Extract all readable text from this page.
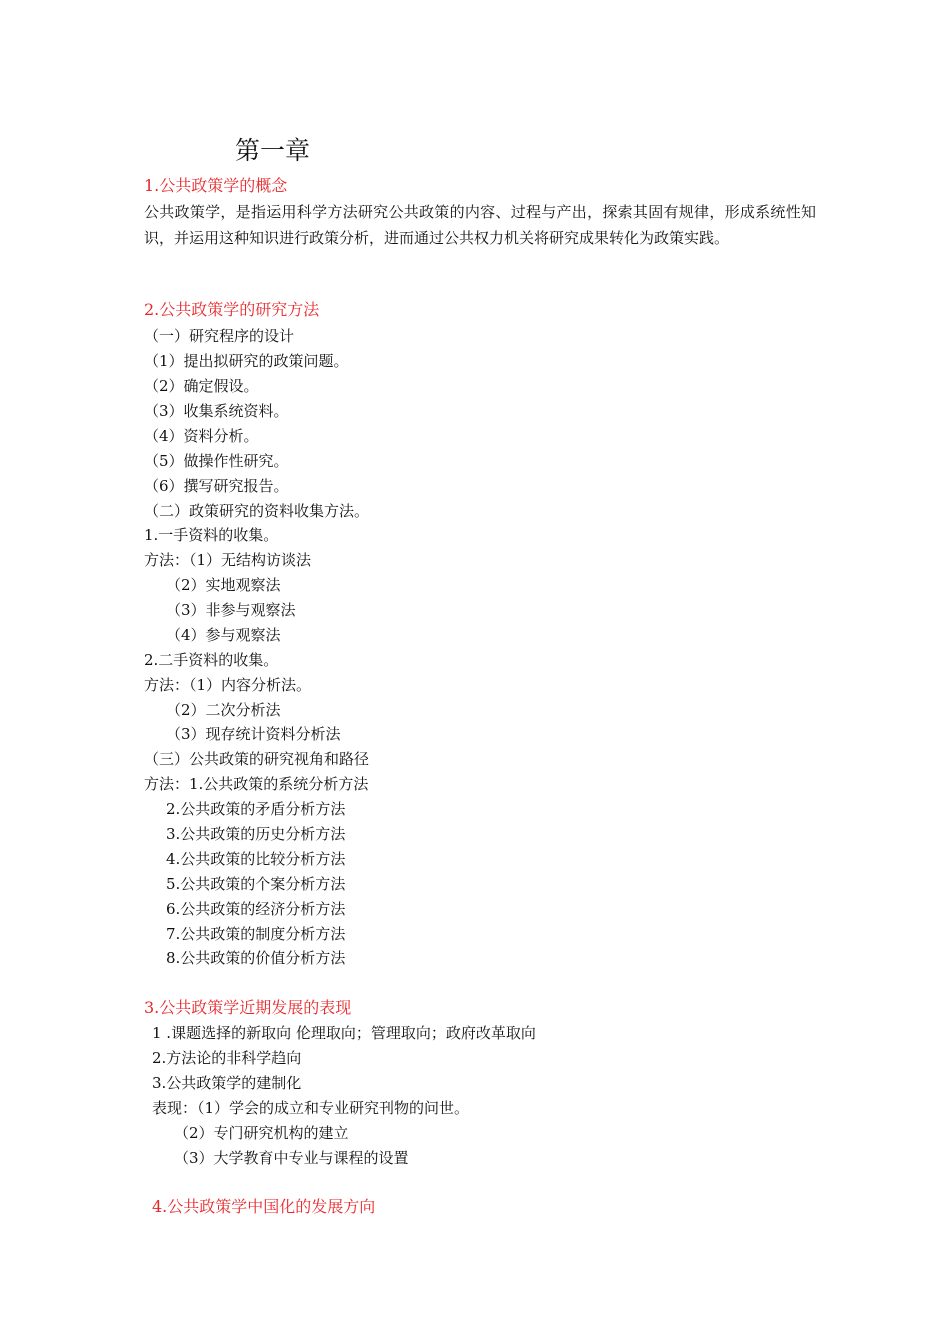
第一章
1.公共政策学的概念
公共政策学，是指运用科学方法研究公共政策的内容、过程与产出，探索其固有规律，形成系统性知识，并运用这种知识进行政策分析，进而通过公共权力机关将研究成果转化为政策实践。
2.公共政策学的研究方法
（一）研究程序的设计
（1）提出拟研究的政策问题。
（2）确定假设。
（3）收集系统资料。
（4）资料分析。
（5）做操作性研究。
（6）撰写研究报告。
（二）政策研究的资料收集方法。
1.一手资料的收集。
方法：（1）无结构访谈法
（2）实地观察法
（3）非参与观察法
（4）参与观察法
2.二手资料的收集。
方法：（1）内容分析法。
（2）二次分析法
（3）现存统计资料分析法
（三）公共政策的研究视角和路径
方法：1.公共政策的系统分析方法
2.公共政策的矛盾分析方法
3.公共政策的历史分析方法
4.公共政策的比较分析方法
5.公共政策的个案分析方法
6.公共政策的经济分析方法
7.公共政策的制度分析方法
8.公共政策的价值分析方法
3.公共政策学近期发展的表现
1 .课题选择的新取向 伦理取向；管理取向；政府改革取向
2.方法论的非科学趋向
3.公共政策学的建制化
表现：（1）学会的成立和专业研究刊物的问世。
（2）专门研究机构的建立
（3）大学教育中专业与课程的设置
4.公共政策学中国化的发展方向
